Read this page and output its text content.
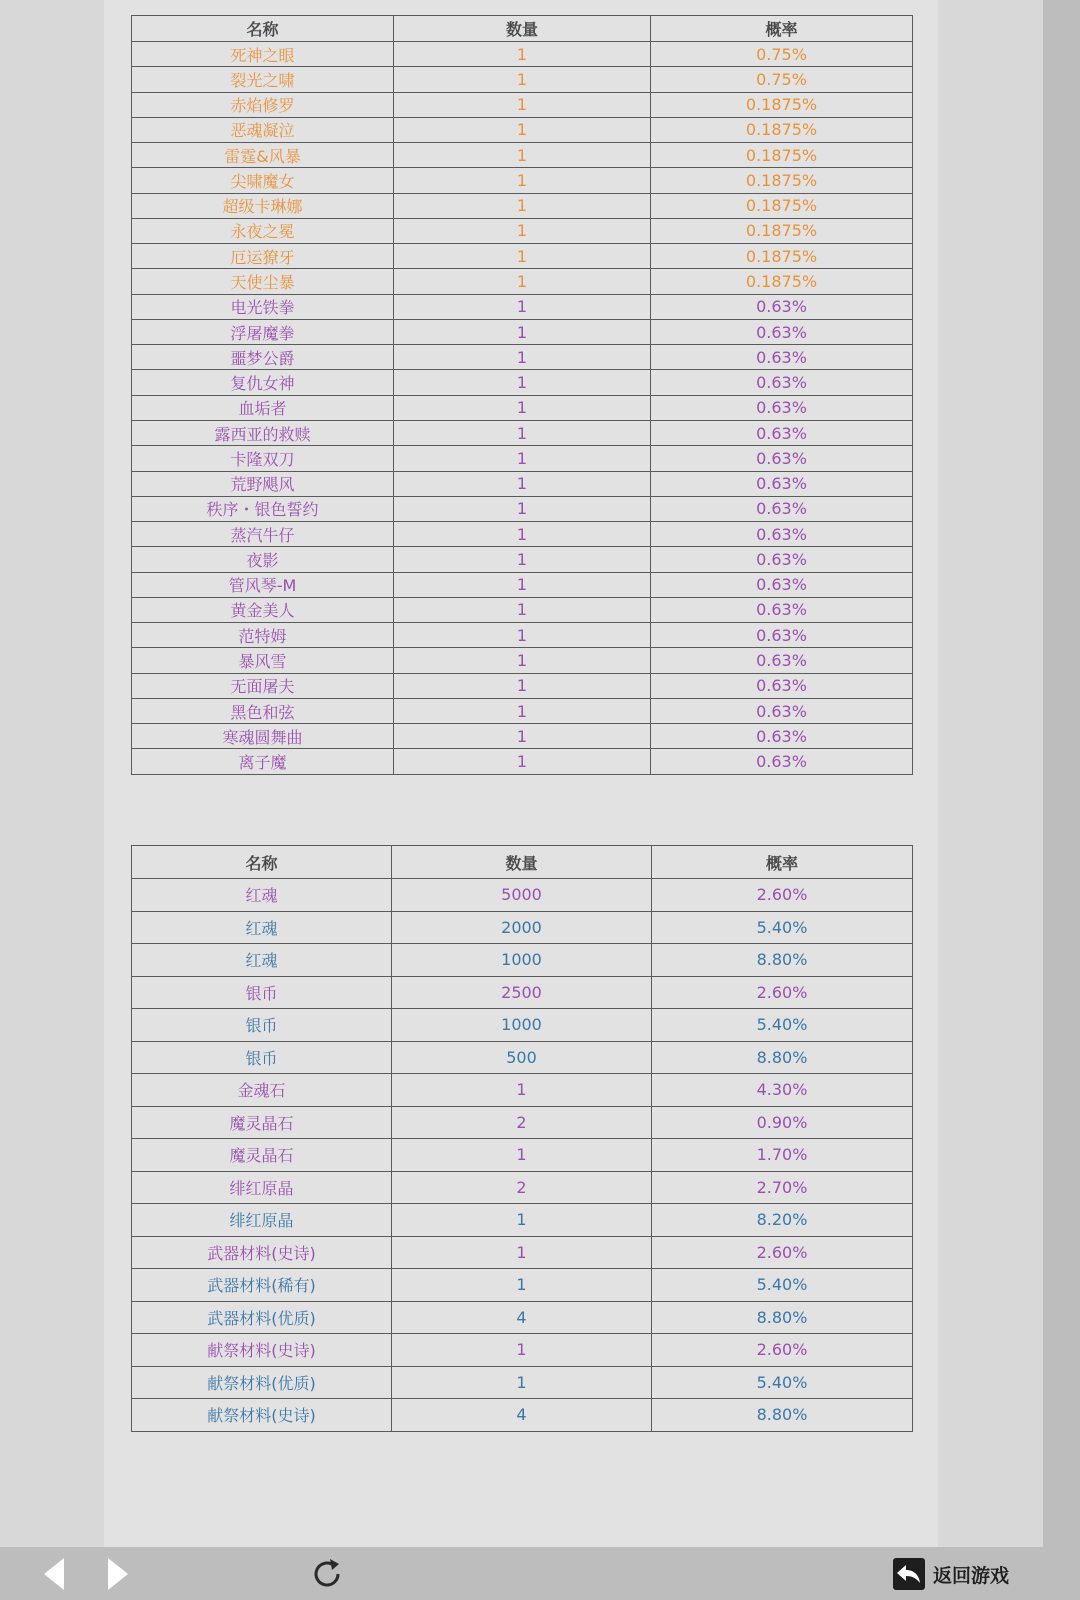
名称	数量	概率
死神之眼	1	0.75%
裂光之啸	1	0.75%
赤焰修罗	1	0.1875%
恶魂凝泣	1	0.1875%
雷霆&风暴	1	0.1875%
尖啸魔女	1	0.1875%
超级卡琳娜	1	0.1875%
永夜之冕	1	0.1875%
厄运獠牙	1	0.1875%
天使尘暴	1	0.1875%
电光铁拳	1	0.63%
浮屠魔拳	1	0.63%
噩梦公爵	1	0.63%
复仇女神	1	0.63%
血垢者	1	0.63%
露西亚的救赎	1	0.63%
卡隆双刀	1	0.63%
荒野飓风	1	0.63%
秩序・银色誓约	1	0.63%
蒸汽牛仔	1	0.63%
夜影	1	0.63%
管风琴-M	1	0.63%
黄金美人	1	0.63%
范特姆	1	0.63%
暴风雪	1	0.63%
无面屠夫	1	0.63%
黑色和弦	1	0.63%
寒魂圆舞曲	1	0.63%
离子魔	1	0.63%
名称	数量	概率
红魂	5000	2.60%
红魂	2000	5.40%
红魂	1000	8.80%
银币	2500	2.60%
银币	1000	5.40%
银币	500	8.80%
金魂石	1	4.30%
魔灵晶石	2	0.90%
魔灵晶石	1	1.70%
绯红原晶	2	2.70%
绯红原晶	1	8.20%
武器材料(史诗)	1	2.60%
武器材料(稀有)	1	5.40%
武器材料(优质)	4	8.80%
献祭材料(史诗)	1	2.60%
献祭材料(优质)	1	5.40%
献祭材料(史诗)	4	8.80%
返回游戏
